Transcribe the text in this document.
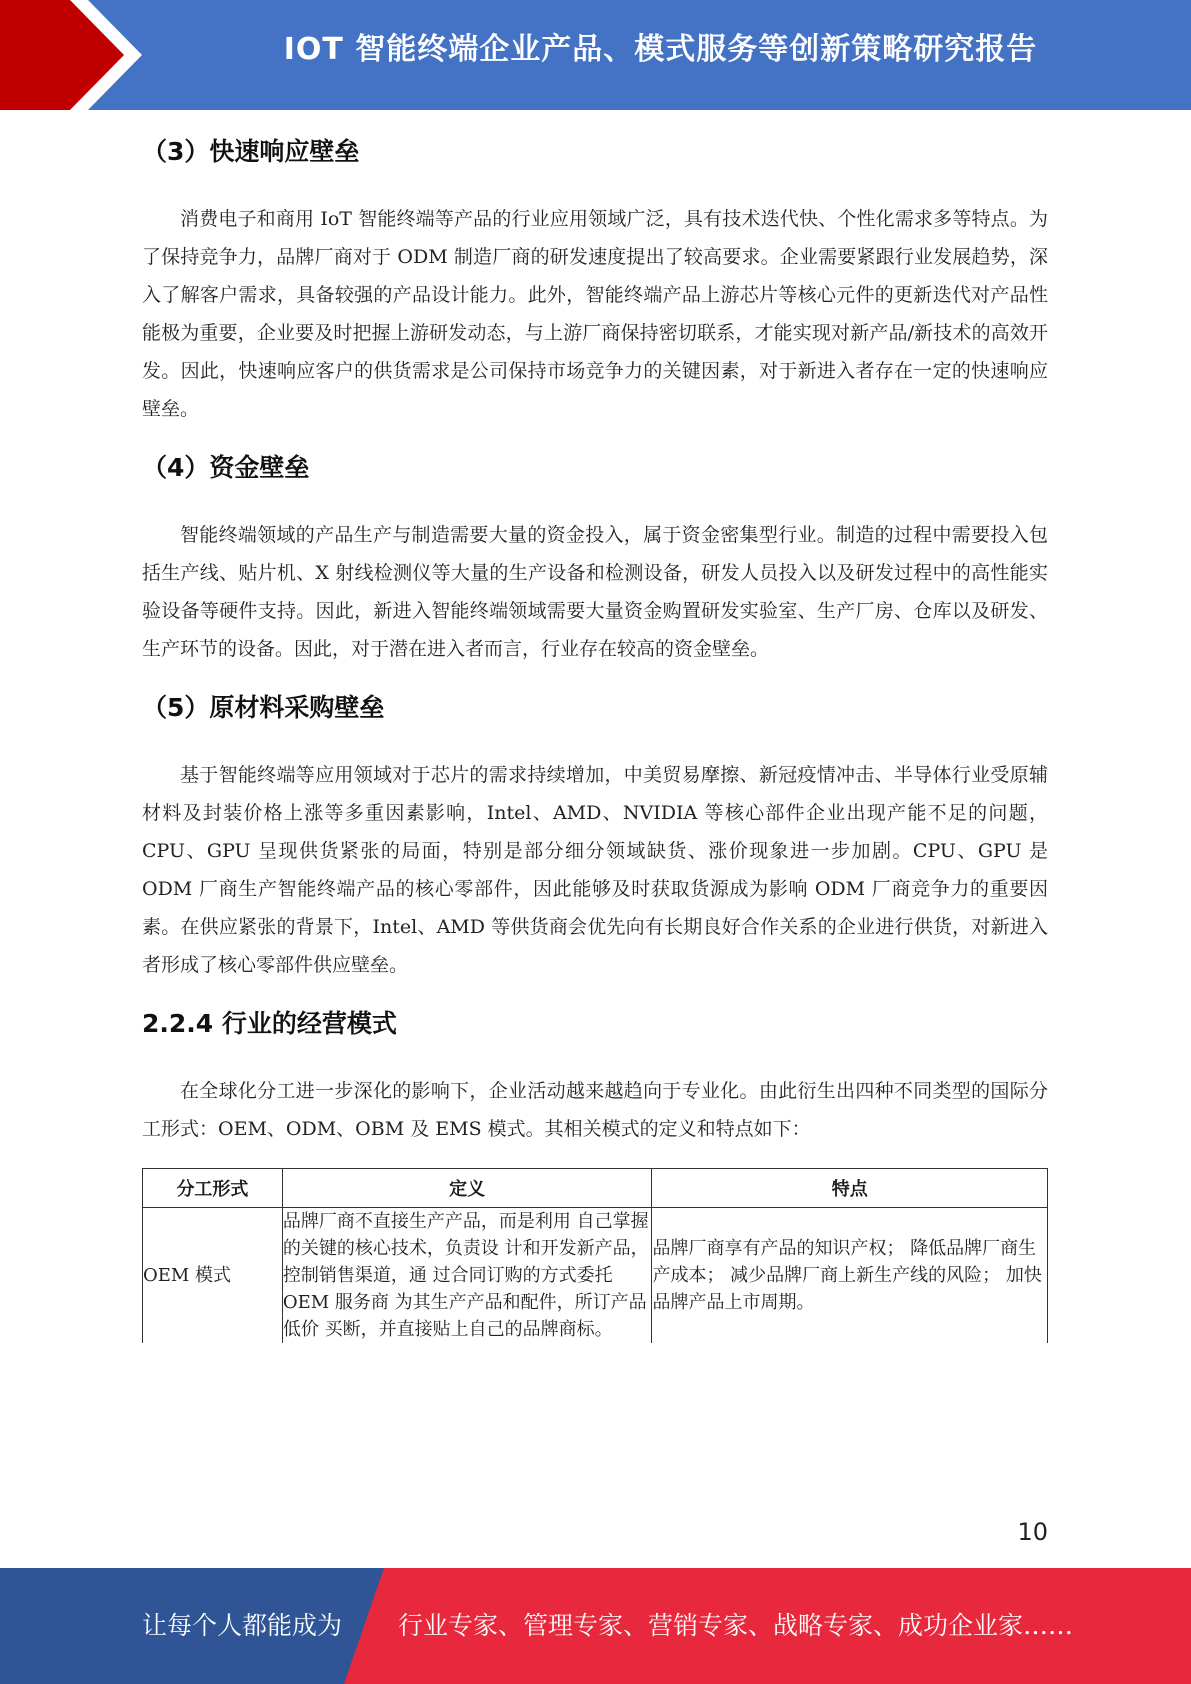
IOT 智能终端企业产品、模式服务等创新策略研究报告
（3）快速响应壁垒

消费电子和商用 IoT 智能终端等产品的行业应用领域广泛，具有技术迭代快、个性化需求多等特点。为了保持竞争力，品牌厂商对于 ODM 制造厂商的研发速度提出了较高要求。企业需要紧跟行业发展趋势，深入了解客户需求，具备较强的产品设计能力。此外，智能终端产品上游芯片等核心元件的更新迭代对产品性能极为重要，企业要及时把握上游研发动态，与上游厂商保持密切联系，才能实现对新产品/新技术的高效开发。因此，快速响应客户的供货需求是公司保持市场竞争力的关键因素，对于新进入者存在一定的快速响应壁垒。

（4）资金壁垒

智能终端领域的产品生产与制造需要大量的资金投入，属于资金密集型行业。制造的过程中需要投入包括生产线、贴片机、X 射线检测仪等大量的生产设备和检测设备，研发人员投入以及研发过程中的高性能实验设备等硬件支持。因此，新进入智能终端领域需要大量资金购置研发实验室、生产厂房、仓库以及研发、生产环节的设备。因此，对于潜在进入者而言，行业存在较高的资金壁垒。

（5）原材料采购壁垒

基于智能终端等应用领域对于芯片的需求持续增加，中美贸易摩擦、新冠疫情冲击、半导体行业受原辅材料及封装价格上涨等多重因素影响，Intel、AMD、NVIDIA 等核心部件企业出现产能不足的问题，CPU、GPU 呈现供货紧张的局面，特别是部分细分领域缺货、涨价现象进一步加剧。CPU、GPU 是 ODM 厂商生产智能终端产品的核心零部件，因此能够及时获取货源成为影响 ODM 厂商竞争力的重要因素。在供应紧张的背景下，Intel、AMD 等供货商会优先向有长期良好合作关系的企业进行供货，对新进入者形成了核心零部件供应壁垒。

2.2.4 行业的经营模式

在全球化分工进一步深化的影响下，企业活动越来越趋向于专业化。由此衍生出四种不同类型的国际分工形式：OEM、ODM、OBM 及 EMS 模式。其相关模式的定义和特点如下：

分工形式	定义	特点
OEM 模式	品牌厂商不直接生产产品，而是利用 自己掌握的关键的核心技术，负责设 计和开发新产品，控制销售渠道，通 过合同订购的方式委托 OEM 服务商 为其生产产品和配件，所订产品低价 买断，并直接贴上自己的品牌商标。	品牌厂商享有产品的知识产权； 降低品牌厂商生产成本； 减少品牌厂商上新生产线的风险； 加快品牌产品上市周期。
10
让每个人都能成为 行业专家、管理专家、营销专家、战略专家、成功企业家……
